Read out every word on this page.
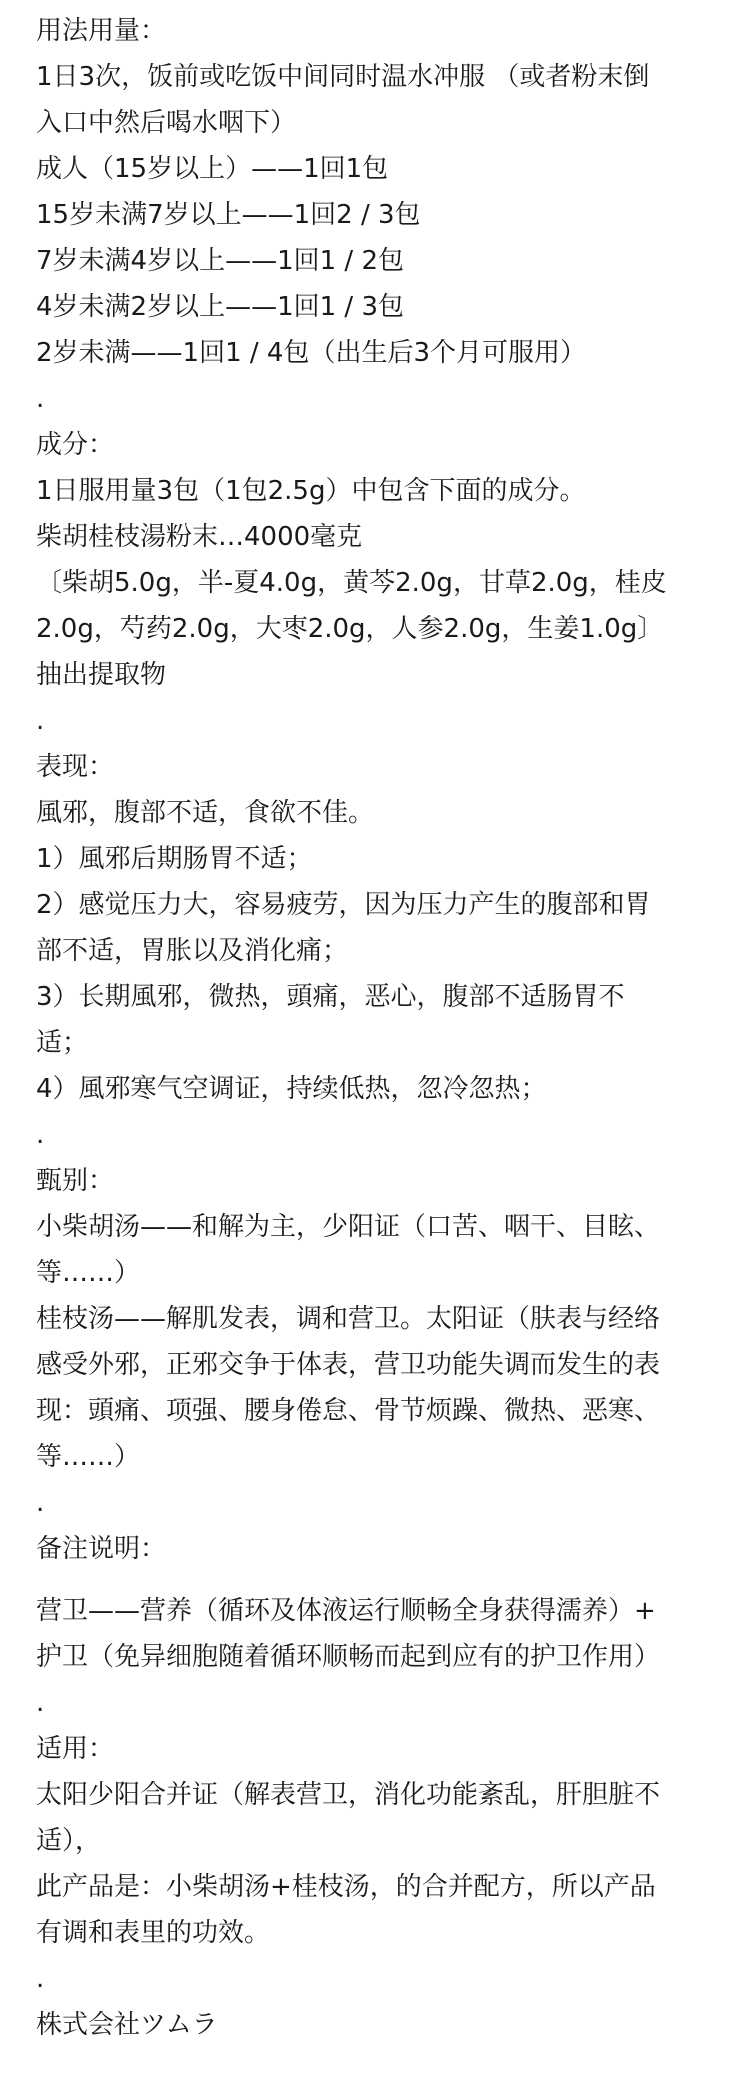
用法用量：
1日3次，饭前或吃饭中间同时温水冲服 （或者粉末倒
入口中然后喝水咽下）
成人（15岁以上）——1回1包
15岁未满7岁以上——1回2 / 3包
7岁未满4岁以上——1回1 / 2包
4岁未满2岁以上——1回1 / 3包
2岁未满——1回1 / 4包（出生后3个月可服用）
.
成分：
1日服用量3包（1包2.5g）中包含下面的成分。
柴胡桂枝湯粉末…4000毫克
〔柴胡5.0g，半-夏4.0g，黄芩2.0g，甘草2.0g，桂皮
2.0g，芍药2.0g，大枣2.0g，人参2.0g，生姜1.0g〕
抽出提取物
.
表现：
風邪，腹部不适，食欲不佳。
1）風邪后期肠胃不适；
2）感觉压力大，容易疲劳，因为压力产生的腹部和胃
部不适，胃胀以及消化痛；
3）长期風邪，微热，頭痛，恶心，腹部不适肠胃不
适；
4）風邪寒气空调证，持续低热，忽冷忽热；
.
甄别：
小柴胡汤——和解为主，少阳证（口苦、咽干、目眩、
等……）
桂枝汤——解肌发表，调和营卫。太阳证（肤表与经络
感受外邪，正邪交争于体表，营卫功能失调而发生的表
现：頭痛、项强、腰身倦怠、骨节烦躁、微热、恶寒、
等……）
.
备注说明：
营卫——营养（循环及体液运行顺畅全身获得濡养）+
护卫（免异细胞随着循环顺畅而起到应有的护卫作用）
.
适用：
太阳少阳合并证（解表营卫，消化功能紊乱，肝胆脏不
适），
此产品是：小柴胡汤+桂枝汤，的合并配方，所以产品
有调和表里的功效。
.
株式会社ツムラ
